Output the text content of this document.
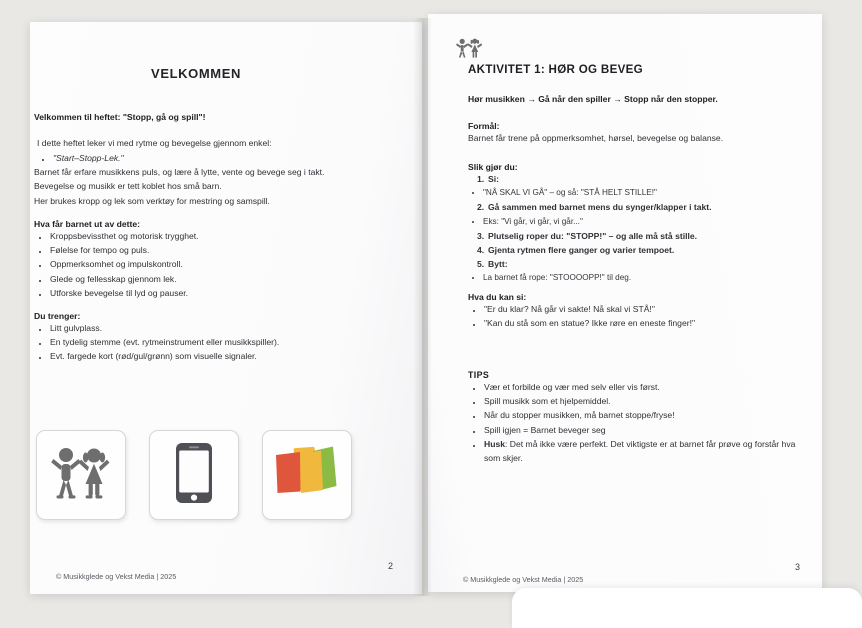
VELKOMMEN
Velkommen til heftet: "Stopp, gå og spill"!
I dette heftet leker vi med rytme og bevegelse gjennom enkel:
• "Start–Stopp-Lek."
Barnet får erfare musikkens puls, og lære å lytte, vente og bevege seg i takt.
Bevegelse og musikk er tett koblet hos små barn.
Her brukes kropp og lek som verktøy for mestring og samspill.
Hva får barnet ut av dette:
• Kroppsbevissthet og motorisk trygghet.
• Følelse for tempo og puls.
• Oppmerksomhet og impulskontroll.
• Glede og fellesskap gjennom lek.
• Utforske bevegelse til lyd og pauser.
Du trenger:
• Litt gulvplass.
• En tydelig stemme (evt. rytmeinstrument eller musikkspiller).
• Evt. fargede kort (rød/gul/grønn) som visuelle signaler.
© Musikkglede og Vekst Media | 2025
2
AKTIVITET 1: HØR OG BEVEG
Hør musikken → Gå når den spiller → Stopp når den stopper.
Formål:
Barnet får trene på oppmerksomhet, hørsel, bevegelse og balanse.
Slik gjør du:
1. Si:
• "NÅ SKAL VI GÅ" – og så: "STÅ HELT STILLE!"
2. Gå sammen med barnet mens du synger/klapper i takt.
• Eks: "Vi går, vi går, vi går..."
3. Plutselig roper du: "STOPP!" – og alle må stå stille.
4. Gjenta rytmen flere ganger og varier tempoet.
5. Bytt:
• La barnet få rope: "STOOOOPP!" til deg.
Hva du kan si:
• "Er du klar? Nå går vi sakte! Nå skal vi STÅ!"
• "Kan du stå som en statue? Ikke røre en eneste finger!"
TIPS
• Vær et forbilde og vær med selv eller vis først.
• Spill musikk som et hjelpemiddel.
• Når du stopper musikken, må barnet stoppe/fryse!
• Spill igjen = Barnet beveger seg
• Husk: Det må ikke være perfekt. Det viktigste er at barnet får prøve og forstår hva som skjer.
© Musikkglede og Vekst Media | 2025
3
